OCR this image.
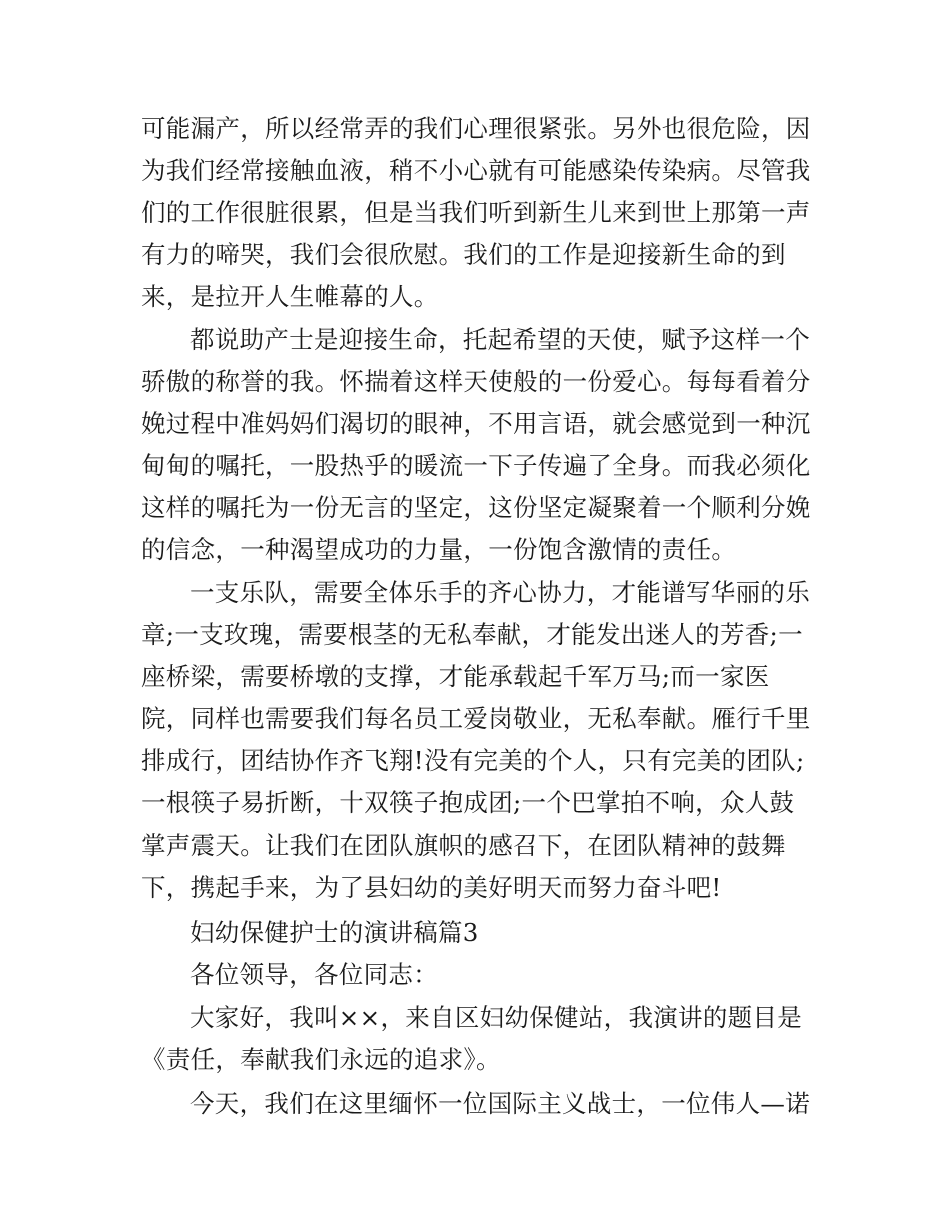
可能漏产，所以经常弄的我们心理很紧张。另外也很危险，因

为我们经常接触血液，稍不小心就有可能感染传染病。尽管我

们的工作很脏很累，但是当我们听到新生儿来到世上那第一声

有力的啼哭，我们会很欣慰。我们的工作是迎接新生命的到

来，是拉开人生帷幕的人。

都说助产士是迎接生命，托起希望的天使，赋予这样一个

骄傲的称誉的我。怀揣着这样天使般的一份爱心。每每看着分

娩过程中准妈妈们渴切的眼神，不用言语，就会感觉到一种沉

甸甸的嘱托，一股热乎的暖流一下子传遍了全身。而我必须化

这样的嘱托为一份无言的坚定，这份坚定凝聚着一个顺利分娩

的信念，一种渴望成功的力量，一份饱含激情的责任。

一支乐队，需要全体乐手的齐心协力，才能谱写华丽的乐

章;一支玫瑰，需要根茎的无私奉献，才能发出迷人的芳香;一

座桥梁，需要桥墩的支撑，才能承载起千军万马;而一家医

院，同样也需要我们每名员工爱岗敬业，无私奉献。雁行千里

排成行，团结协作齐飞翔!没有完美的个人，只有完美的团队;

一根筷子易折断，十双筷子抱成团;一个巴掌拍不响，众人鼓

掌声震天。让我们在团队旗帜的感召下，在团队精神的鼓舞

下，携起手来，为了县妇幼的美好明天而努力奋斗吧!

妇幼保健护士的演讲稿篇3

各位领导，各位同志：

大家好，我叫××，来自区妇幼保健站，我演讲的题目是

《责任，奉献我们永远的追求》。

今天，我们在这里缅怀一位国际主义战士，一位伟人—诺
